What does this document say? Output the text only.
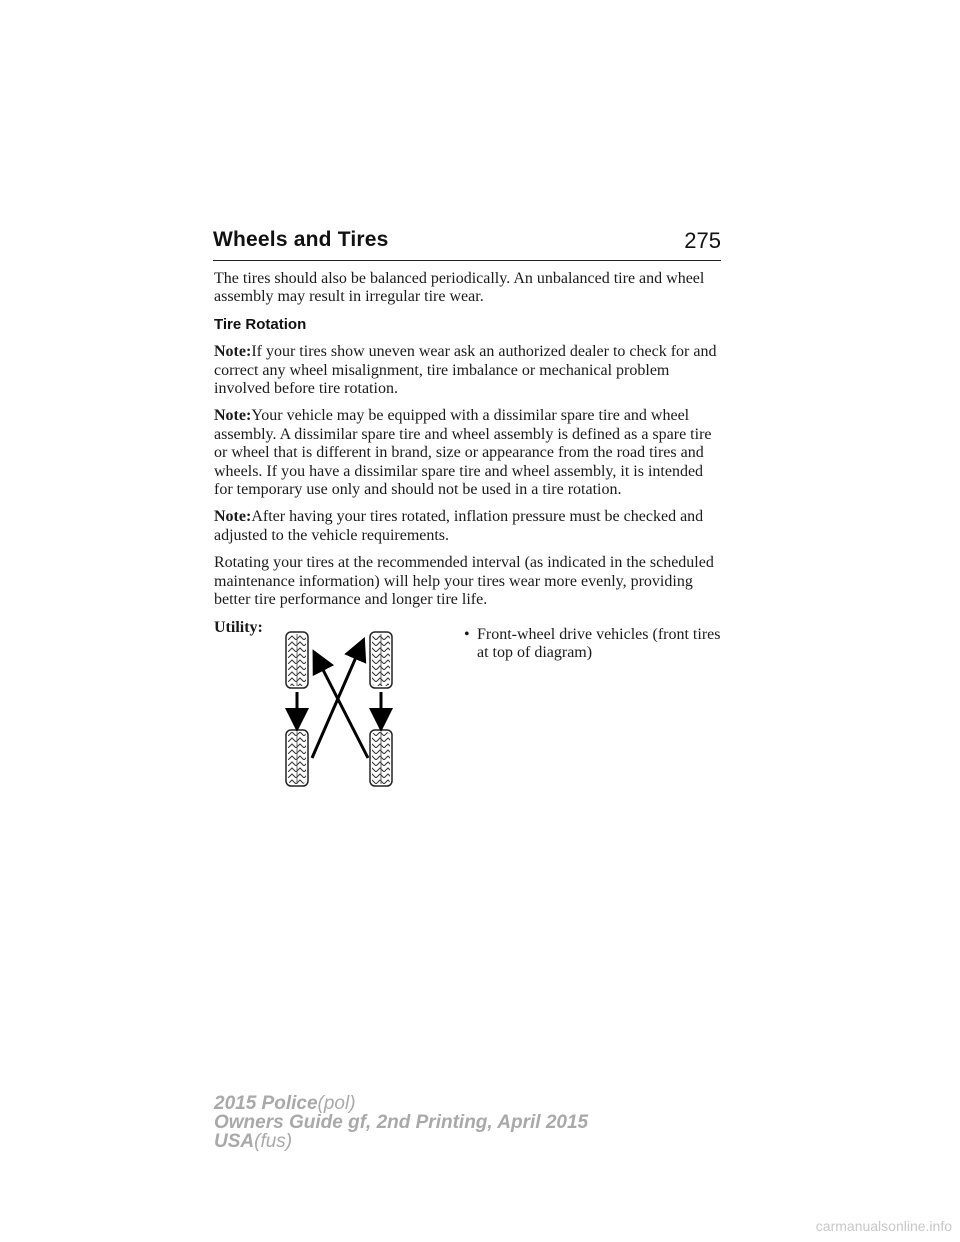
Wheels and Tires	275

The tires should also be balanced periodically. An unbalanced tire and wheel assembly may result in irregular tire wear.

Tire Rotation

Note:If your tires show uneven wear ask an authorized dealer to check for and correct any wheel misalignment, tire imbalance or mechanical problem involved before tire rotation.

Note:Your vehicle may be equipped with a dissimilar spare tire and wheel assembly. A dissimilar spare tire and wheel assembly is defined as a spare tire or wheel that is different in brand, size or appearance from the road tires and wheels. If you have a dissimilar spare tire and wheel assembly, it is intended for temporary use only and should not be used in a tire rotation.

Note:After having your tires rotated, inflation pressure must be checked and adjusted to the vehicle requirements.

Rotating your tires at the recommended interval (as indicated in the scheduled maintenance information) will help your tires wear more evenly, providing better tire performance and longer tire life.

Utility:	• Front-wheel drive vehicles (front tires at top of diagram)
2015 Police(pol)
Owners Guide gf, 2nd Printing, April 2015
USA(fus)
carmanualsonline.info
